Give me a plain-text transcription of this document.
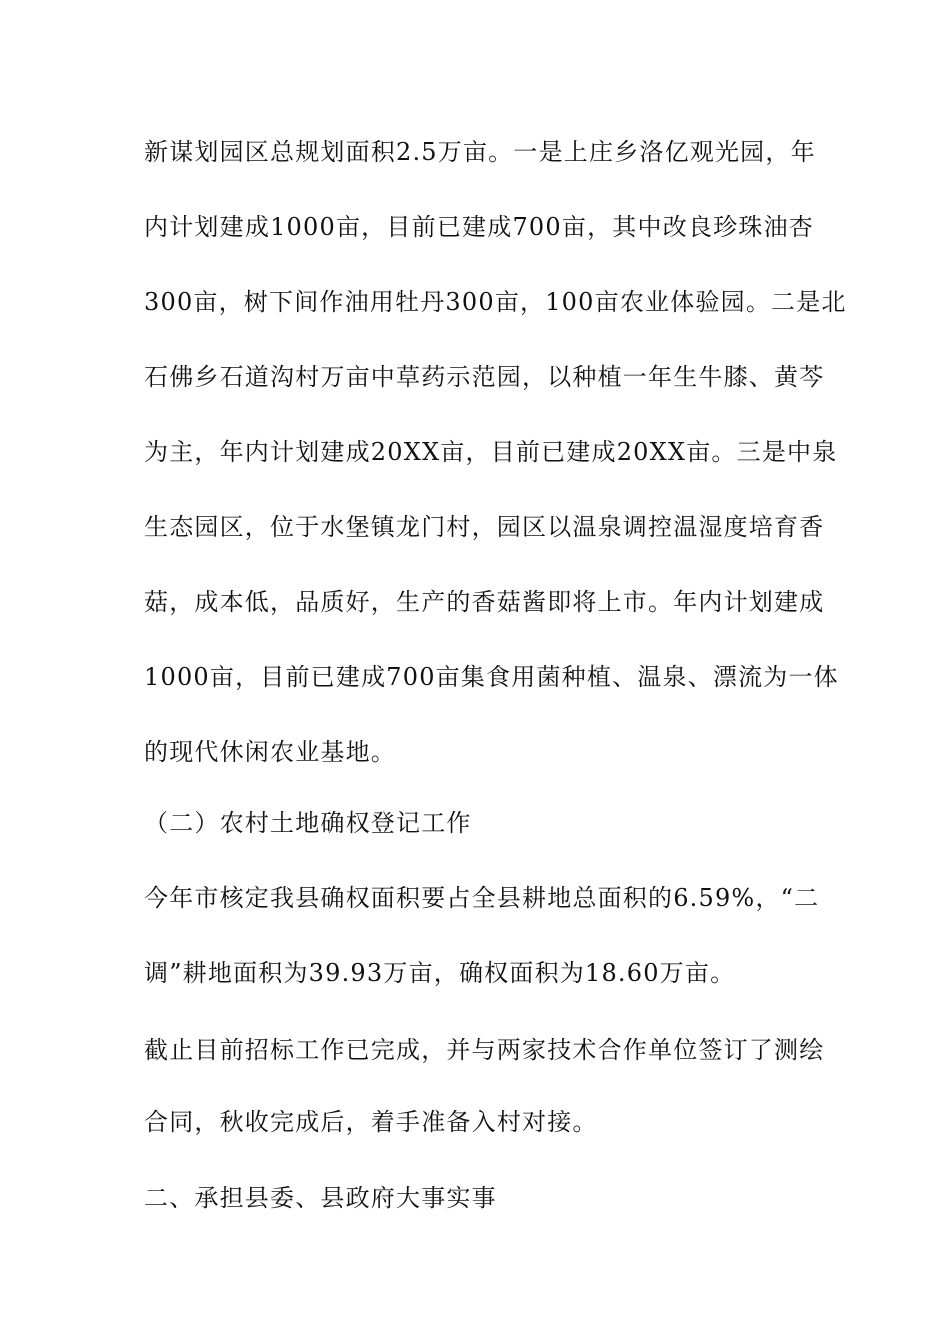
新谋划园区总规划面积2.5万亩。一是上庄乡洛亿观光园，年
内计划建成1000亩，目前已建成700亩，其中改良珍珠油杏
300亩，树下间作油用牡丹300亩，100亩农业体验园。二是北
石佛乡石道沟村万亩中草药示范园，以种植一年生牛膝、黄芩
为主，年内计划建成20XX亩，目前已建成20XX亩。三是中泉
生态园区，位于水堡镇龙门村，园区以温泉调控温湿度培育香
菇，成本低，品质好，生产的香菇酱即将上市。年内计划建成
1000亩，目前已建成700亩集食用菌种植、温泉、漂流为一体
的现代休闲农业基地。
（二）农村土地确权登记工作
今年市核定我县确权面积要占全县耕地总面积的6.59%，“二
调”耕地面积为39.93万亩，确权面积为18.60万亩。
截止目前招标工作已完成，并与两家技术合作单位签订了测绘
合同，秋收完成后，着手准备入村对接。
二、承担县委、县政府大事实事
